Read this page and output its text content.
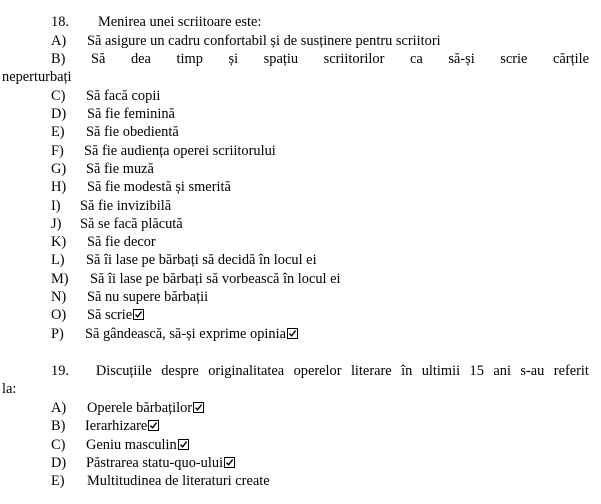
18. Menirea unei scriitoare este:
A) Să asigure un cadru confortabil și de susținere pentru scriitori
B) Să dea timp și spațiu scriitorilor ca să-și scrie cărțile
neperturbați
C) Să facă copii
D) Să fie feminină
E) Să fie obedientă
F) Să fie audiența operei scriitorului
G) Să fie muză
H) Să fie modestă și smerită
I) Să fie invizibilă
J) Să se facă plăcută
K) Să fie decor
L) Să îi lase pe bărbați să decidă în locul ei
M) Să îi lase pe bărbați să vorbească în locul ei
N) Să nu supere bărbații
O) Să scrie
P) Să gândească, să-și exprime opinia
19. Discuțiile despre originalitatea operelor literare în ultimii 15 ani s-au referit
la:
A) Operele bărbaților
B) Ierarhizare
C) Geniu masculin
D) Păstrarea statu-quo-ului
E) Multitudinea de literaturi create
